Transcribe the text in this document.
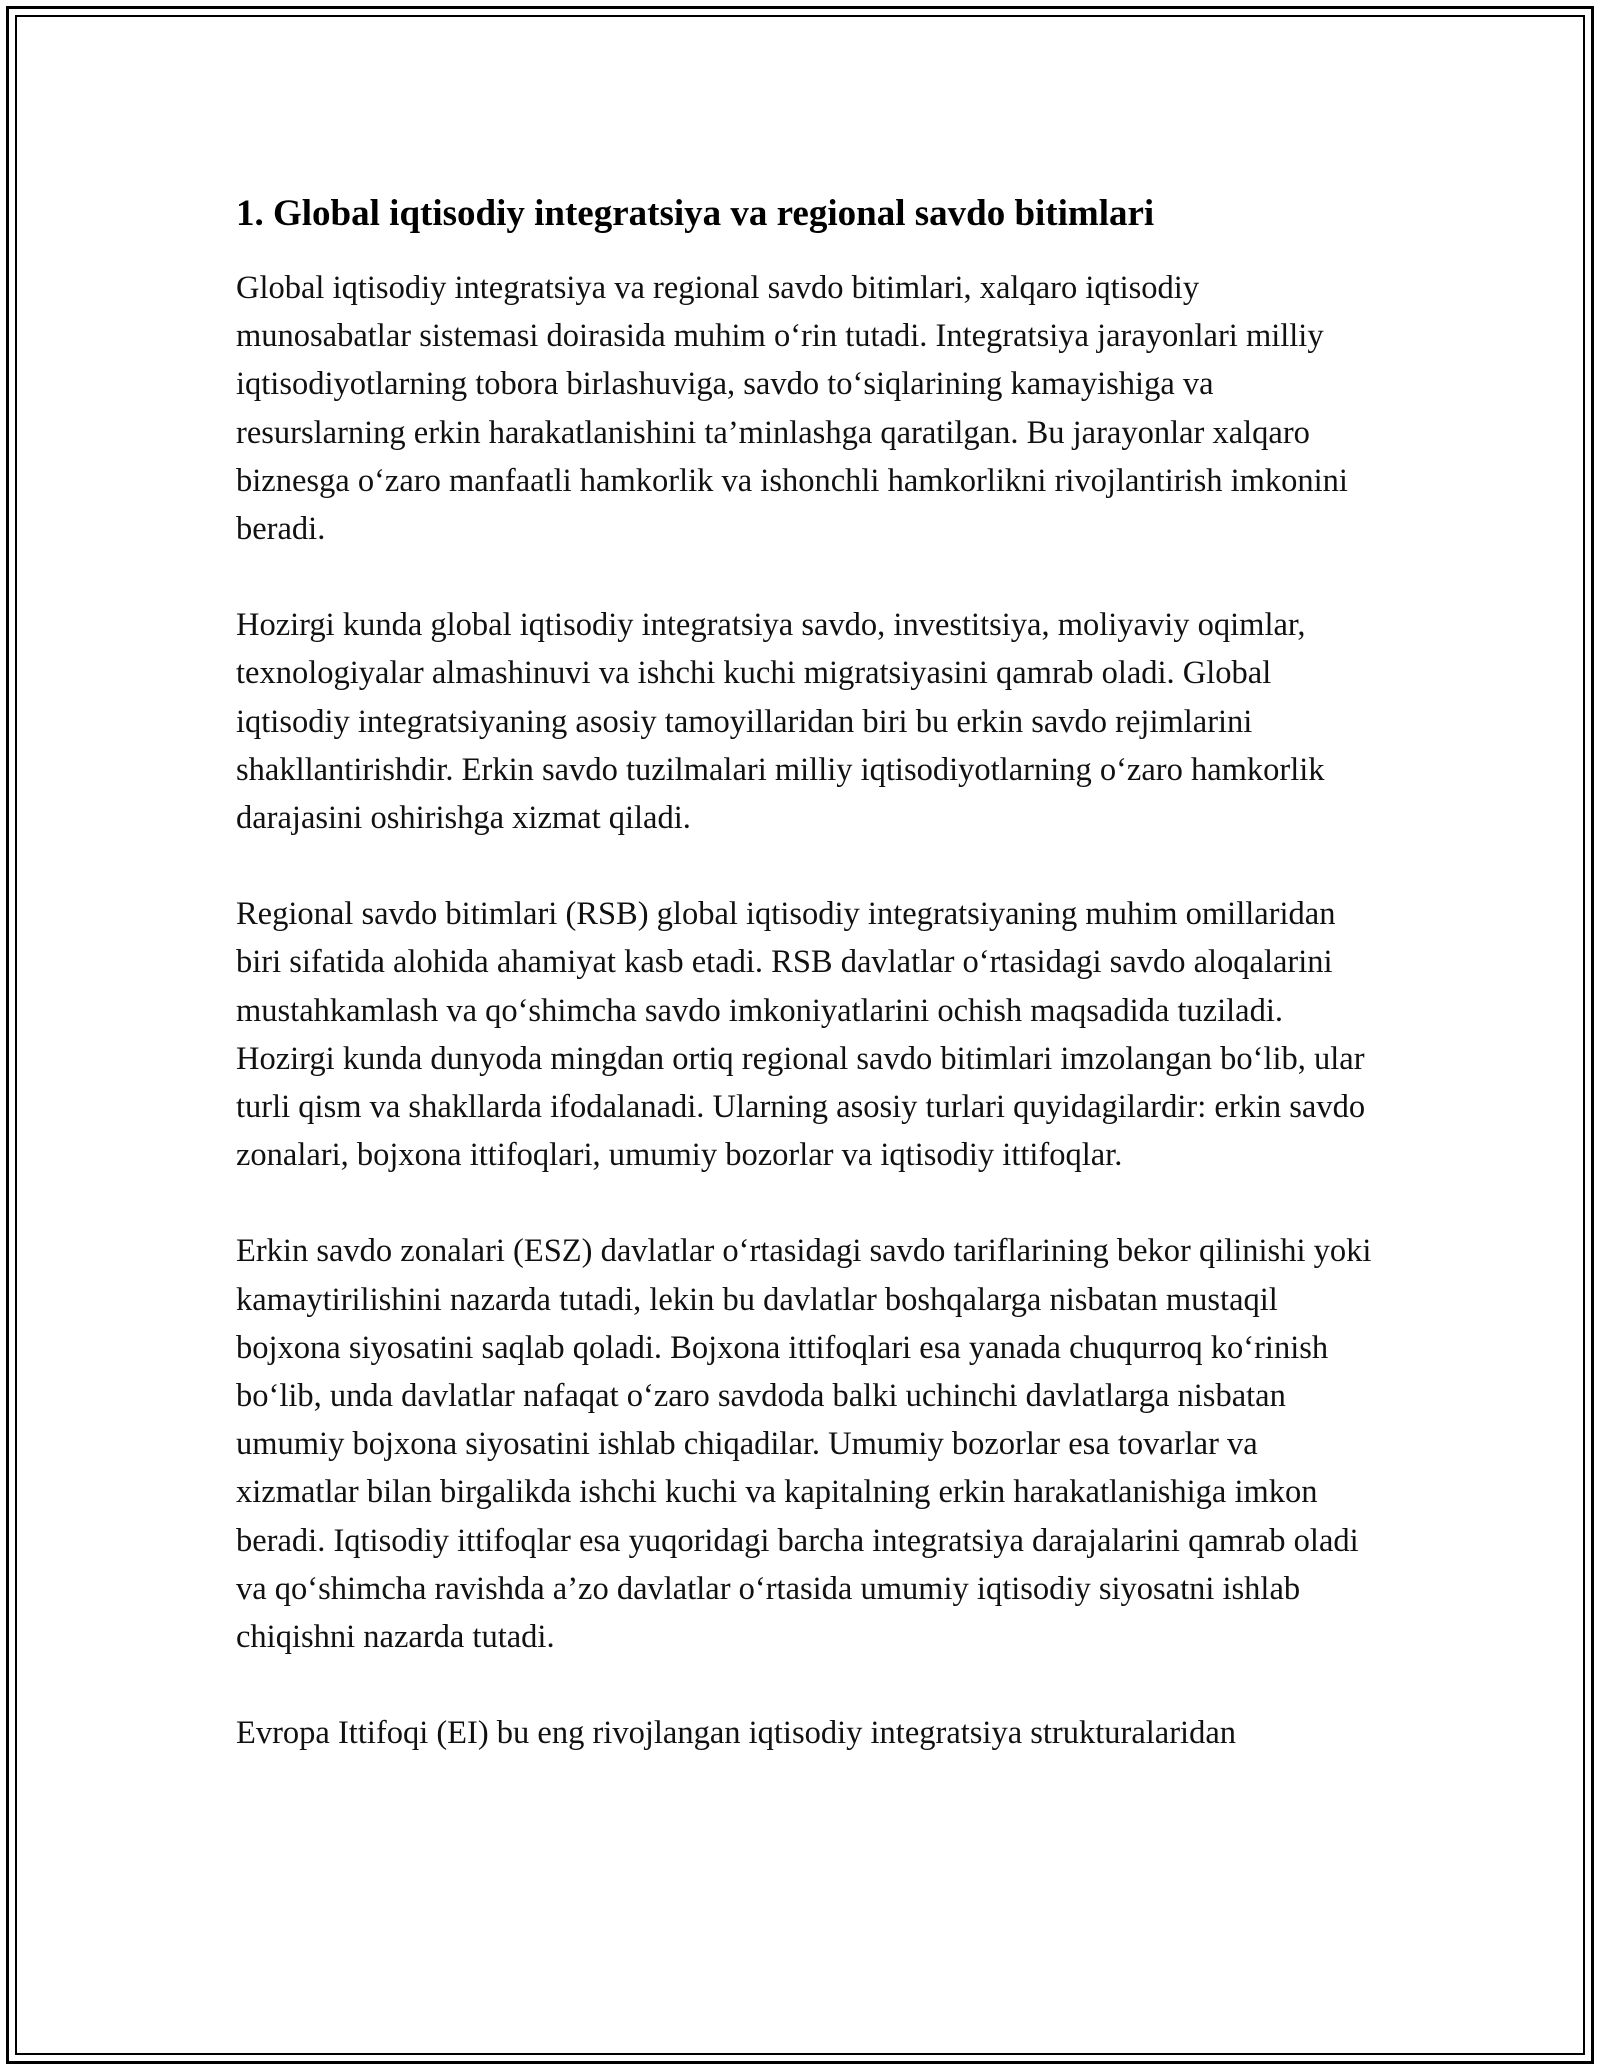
1. Global iqtisodiy integratsiya va regional savdo bitimlari

Global iqtisodiy integratsiya va regional savdo bitimlari, xalqaro iqtisodiy munosabatlar sistemasi doirasida muhim o‘rin tutadi. Integratsiya jarayonlari milliy iqtisodiyotlarning tobora birlashuviga, savdo to‘siqlarining kamayishiga va resurslarning erkin harakatlanishini ta’minlashga qaratilgan. Bu jarayonlar xalqaro biznesga o‘zaro manfaatli hamkorlik va ishonchli hamkorlikni rivojlantirish imkonini beradi.

Hozirgi kunda global iqtisodiy integratsiya savdo, investitsiya, moliyaviy oqimlar, texnologiyalar almashinuvi va ishchi kuchi migratsiyasini qamrab oladi. Global iqtisodiy integratsiyaning asosiy tamoyillaridan biri bu erkin savdo rejimlarini shakllantirishdir. Erkin savdo tuzilmalari milliy iqtisodiyotlarning o‘zaro hamkorlik darajasini oshirishga xizmat qiladi.

Regional savdo bitimlari (RSB) global iqtisodiy integratsiyaning muhim omillaridan biri sifatida alohida ahamiyat kasb etadi. RSB davlatlar o‘rtasidagi savdo aloqalarini mustahkamlash va qo‘shimcha savdo imkoniyatlarini ochish maqsadida tuziladi. Hozirgi kunda dunyoda mingdan ortiq regional savdo bitimlari imzolangan bo‘lib, ular turli qism va shakllarda ifodalanadi. Ularning asosiy turlari quyidagilardir: erkin savdo zonalari, bojxona ittifoqlari, umumiy bozorlar va iqtisodiy ittifoqlar.

Erkin savdo zonalari (ESZ) davlatlar o‘rtasidagi savdo tariflarining bekor qilinishi yoki kamaytirilishini nazarda tutadi, lekin bu davlatlar boshqalarga nisbatan mustaqil bojxona siyosatini saqlab qoladi. Bojxona ittifoqlari esa yanada chuqurroq ko‘rinish bo‘lib, unda davlatlar nafaqat o‘zaro savdoda balki uchinchi davlatlarga nisbatan umumiy bojxona siyosatini ishlab chiqadilar. Umumiy bozorlar esa tovarlar va xizmatlar bilan birgalikda ishchi kuchi va kapitalning erkin harakatlanishiga imkon beradi. Iqtisodiy ittifoqlar esa yuqoridagi barcha integratsiya darajalarini qamrab oladi va qo‘shimcha ravishda a’zo davlatlar o‘rtasida umumiy iqtisodiy siyosatni ishlab chiqishni nazarda tutadi.

Evropa Ittifoqi (EI) bu eng rivojlangan iqtisodiy integratsiya strukturalaridan
